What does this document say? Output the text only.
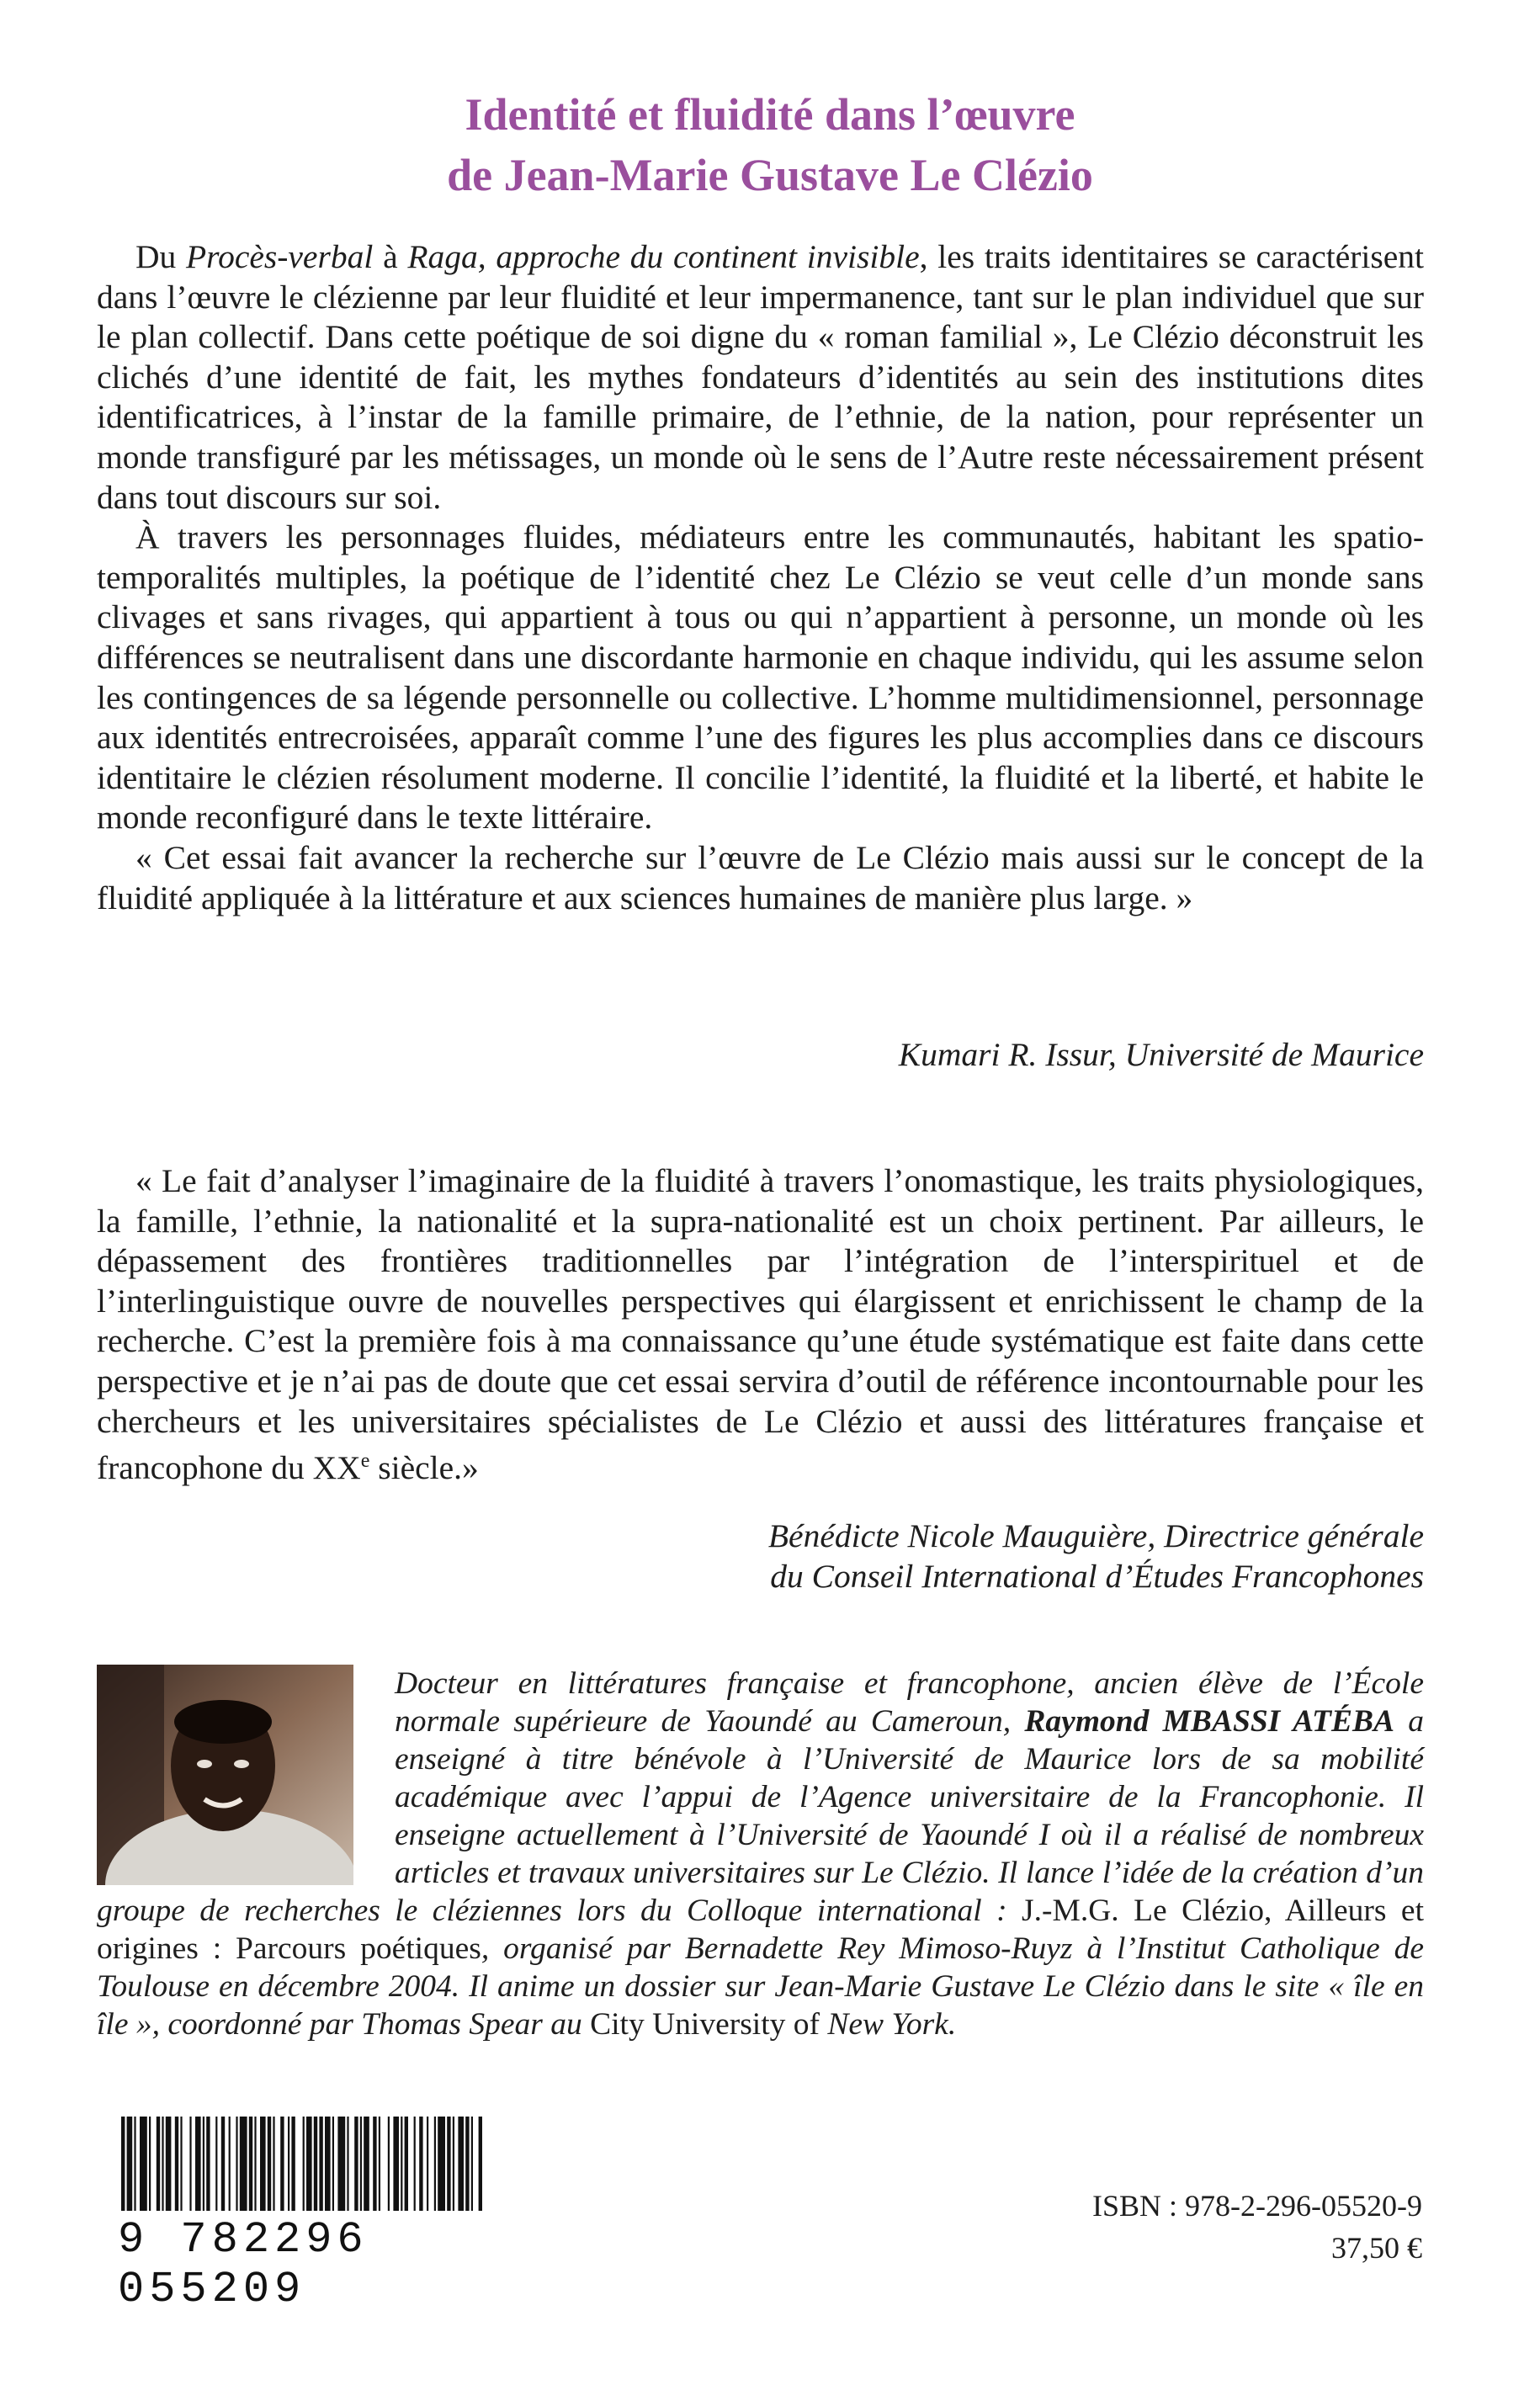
Identité et fluidité dans l’œuvre
de Jean-Marie Gustave Le Clézio

Du Procès-verbal à Raga, approche du continent invisible, les traits identitaires se caractérisent dans l’œuvre le clézienne par leur fluidité et leur impermanence, tant sur le plan individuel que sur le plan collectif. Dans cette poétique de soi digne du « roman familial », Le Clézio déconstruit les clichés d’une identité de fait, les mythes fondateurs d’identités au sein des institutions dites identificatrices, à l’instar de la famille primaire, de l’ethnie, de la nation, pour représenter un monde transfiguré par les métissages, un monde où le sens de l’Autre reste nécessairement présent dans tout discours sur soi.

À travers les personnages fluides, médiateurs entre les communautés, habitant les spatio-temporalités multiples, la poétique de l’identité chez Le Clézio se veut celle d’un monde sans clivages et sans rivages, qui appartient à tous ou qui n’appartient à personne, un monde où les différences se neutralisent dans une discordante harmonie en chaque individu, qui les assume selon les contingences de sa légende personnelle ou collective. L’homme multidimensionnel, personnage aux identités entrecroisées, apparaît comme l’une des figures les plus accomplies dans ce discours identitaire le clézien résolument moderne. Il concilie l’identité, la fluidité et la liberté, et habite le monde reconfiguré dans le texte littéraire.

« Cet essai fait avancer la recherche sur l’œuvre de Le Clézio mais aussi sur le concept de la fluidité appliquée à la littérature et aux sciences humaines de manière plus large. »

Kumari R. Issur, Université de Maurice

« Le fait d’analyser l’imaginaire de la fluidité à travers l’onomastique, les traits physiologiques, la famille, l’ethnie, la nationalité et la supra-nationalité est un choix pertinent. Par ailleurs, le dépassement des frontières traditionnelles par l’intégration de l’interspirituel et de l’interlinguistique ouvre de nouvelles perspectives qui élargissent et enrichissent le champ de la recherche. C’est la première fois à ma connaissance qu’une étude systématique est faite dans cette perspective et je n’ai pas de doute que cet essai servira d’outil de référence incontournable pour les chercheurs et les universitaires spécialistes de Le Clézio et aussi des littératures française et francophone du XXe siècle.»

Bénédicte Nicole Mauguière, Directrice générale
du Conseil International d’Études Francophones
Docteur en littératures française et francophone, ancien élève de l’École normale supérieure de Yaoundé au Cameroun, Raymond MBASSI ATÉBA a enseigné à titre bénévole à l’Université de Maurice lors de sa mobilité académique avec l’appui de l’Agence universitaire de la Francophonie. Il enseigne actuellement à l’Université de Yaoundé I où il a réalisé de nombreux articles et travaux universitaires sur Le Clézio. Il lance l’idée de la création d’un groupe de recherches le cléziennes lors du Colloque international : J.-M.G. Le Clézio, Ailleurs et origines : Parcours poétiques, organisé par Bernadette Rey Mimoso-Ruyz à l’Institut Catholique de Toulouse en décembre 2004. Il anime un dossier sur Jean-Marie Gustave Le Clézio dans le site « île en île », coordonné par Thomas Spear au City University of New York.
9 782296 055209
ISBN : 978-2-296-05520-9
37,50 €
